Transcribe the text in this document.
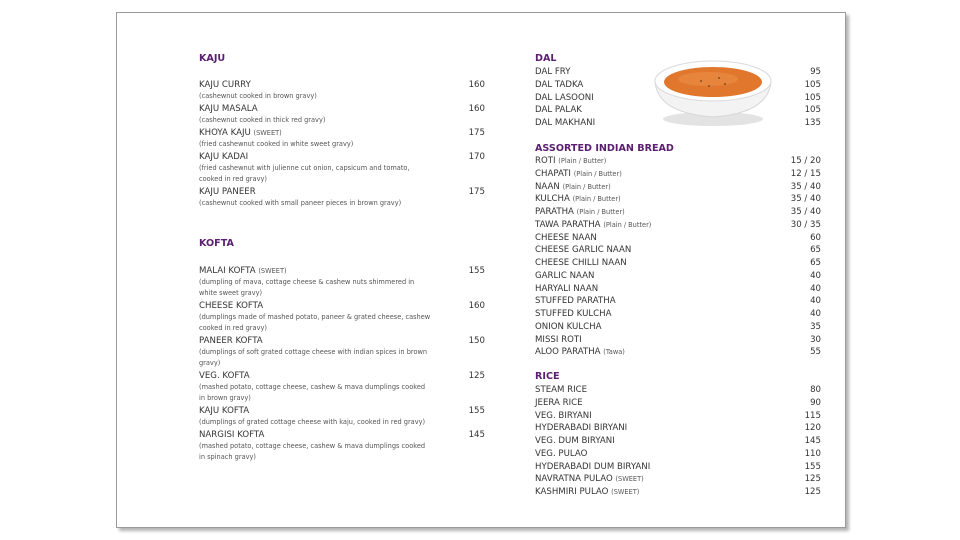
KAJU
KAJU CURRY
(cashewnut cooked in brown gravy)
160
KAJU MASALA
(cashewnut cooked in thick red gravy)
160
KHOYA KAJU (SWEET)
(fried cashewnut cooked in white sweet gravy)
175
KAJU KADAI
(fried cashewnut with julienne cut onion, capsicum and tomato, cooked in red gravy)
170
KAJU PANEER
(cashewnut cooked with small paneer pieces in brown gravy)
175
KOFTA
MALAI KOFTA (SWEET)
(dumpling of mava, cottage cheese & cashew nuts shimmered in white sweet gravy)
155
CHEESE KOFTA
(dumplings made of mashed potato, paneer & grated cheese, cashew cooked in red gravy)
160
PANEER KOFTA
(dumplings of soft grated cottage cheese with indian spices in brown gravy)
150
VEG. KOFTA
(mashed potato, cottage cheese, cashew & mava dumplings cooked in brown gravy)
125
KAJU KOFTA
(dumplings of grated cottage cheese with kaju, cooked in red gravy)
155
NARGISI KOFTA
(mashed potato, cottage cheese, cashew & mava dumplings cooked in spinach gravy)
145
DAL
DAL FRY	95
DAL TADKA	105
DAL LASOONI	105
DAL PALAK	105
DAL MAKHANI	135
ASSORTED INDIAN BREAD
ROTI (Plain / Butter)	15 / 20
CHAPATI (Plain / Butter)	12 / 15
NAAN (Plain / Butter)	35 / 40
KULCHA (Plain / Butter)	35 / 40
PARATHA (Plain / Butter)	35 / 40
TAWA PARATHA (Plain / Butter)	30 / 35
CHEESE NAAN	60
CHEESE GARLIC NAAN	65
CHEESE CHILLI NAAN	65
GARLIC NAAN	40
HARYALI NAAN	40
STUFFED PARATHA	40
STUFFED KULCHA	40
ONION KULCHA	35
MISSI ROTI	30
ALOO PARATHA (Tawa)	55
RICE
STEAM RICE	80
JEERA RICE	90
VEG. BIRYANI	115
HYDERABADI BIRYANI	120
VEG. DUM BIRYANI	145
VEG. PULAO	110
HYDERABADI DUM BIRYANI	155
NAVRATNA PULAO (SWEET)	125
KASHMIRI PULAO (SWEET)	125
